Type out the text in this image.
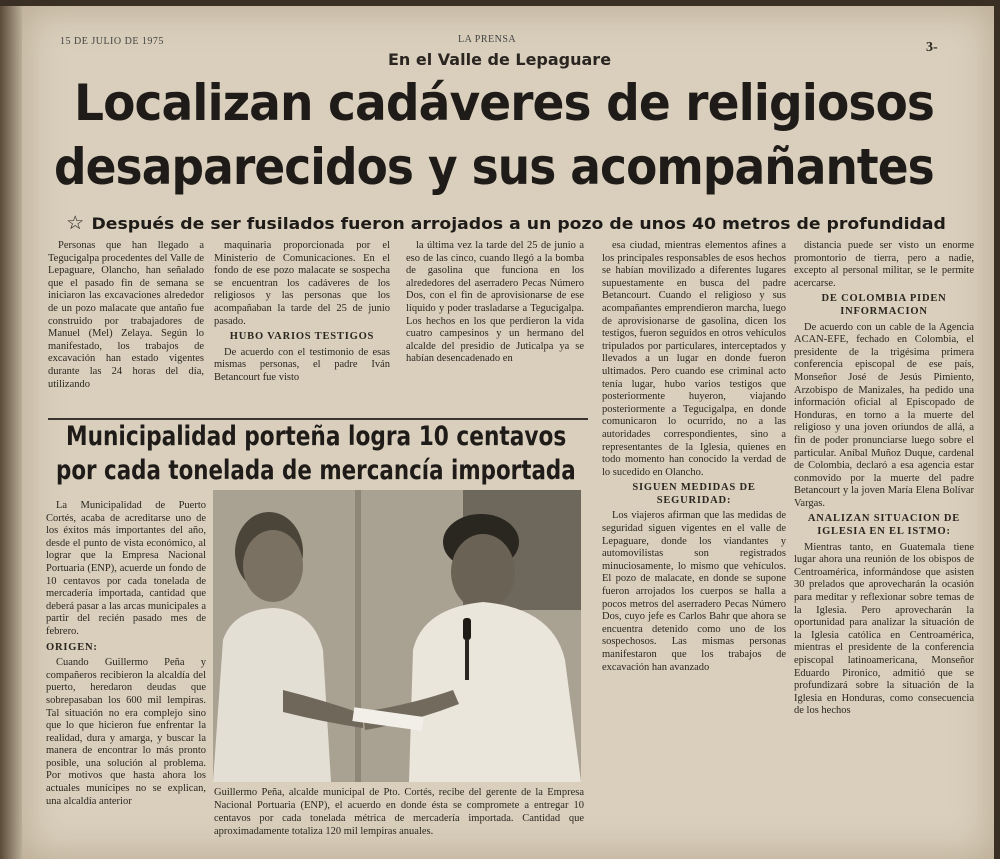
15 DE JULIO DE 1975	LA PRENSA
3-
En el Valle de Lepaguare
Localizan cadáveres de religiosos
desaparecidos y sus acompañantes
☆ Después de ser fusilados fueron arrojados a un pozo de unos 40 metros de profundidad

Personas que han llegado a Tegucigalpa procedentes del Valle de Lepaguare, Olancho, han señalado que el pasado fin de semana se iniciaron las excavaciones alrededor de un pozo malacate que antaño fue construido por trabajadores de Manuel (Mel) Zelaya. Según lo manifestado, los trabajos de excavación han estado vigentes durante las 24 horas del día, utilizando

maquinaria proporcionada por el Ministerio de Comunicaciones. En el fondo de ese pozo malacate se sospecha se encuentran los cadáveres de los religiosos y las personas que los acompañaban la tarde del 25 de junio pasado.

HUBO VARIOS TESTIGOS

De acuerdo con el testimonio de esas mismas personas, el padre Iván Betancourt fue visto

la última vez la tarde del 25 de junio a eso de las cinco, cuando llegó a la bomba de gasolina que funciona en los alrededores del aserradero Pecas Número Dos, con el fin de aprovisionarse de ese líquido y poder trasladarse a Tegucigalpa. Los hechos en los que perdieron la vida cuatro campesinos y un hermano del alcalde del presidio de Juticalpa ya se habían desencadenado en

esa ciudad, mientras elementos afines a los principales responsables de esos hechos se habían movilizado a diferentes lugares supuestamente en busca del padre Betancourt. Cuando el religioso y sus acompañantes emprendieron marcha, luego de aprovisionarse de gasolina, dicen los testigos, fueron seguidos en otros vehículos tripulados por particulares, interceptados y llevados a un lugar en donde fueron ultimados. Pero cuando ese criminal acto tenía lugar, hubo varios testigos que posteriormente huyeron, viajando posteriormente a Tegucigalpa, en donde comunicaron lo ocurrido, no a las autoridades correspondientes, sino a representantes de la Iglesia, quienes en todo momento han conocido la verdad de lo sucedido en Olancho.

SIGUEN MEDIDAS DE SEGURIDAD:

Los viajeros afirman que las medidas de seguridad siguen vigentes en el valle de Lepaguare, donde los viandantes y automovilistas son registrados minuciosamente, lo mismo que vehículos. El pozo de malacate, en donde se supone fueron arrojados los cuerpos se halla a pocos metros del aserradero Pecas Número Dos, cuyo jefe es Carlos Bahr que ahora se encuentra detenido como uno de los sospechosos. Las mismas personas manifestaron que los trabajos de excavación han avanzado

distancia puede ser visto un enorme promontorio de tierra, pero a nadie, excepto al personal militar, se le permite acercarse.

DE COLOMBIA PIDEN INFORMACION

De acuerdo con un cable de la Agencia ACAN-EFE, fechado en Colombia, el presidente de la trigésima primera conferencia episcopal de ese país, Monseñor José de Jesús Pimiento, Arzobispo de Manizales, ha pedido una información oficial al Episcopado de Honduras, en torno a la muerte del religioso y una joven oriundos de allá, a fin de poder pronunciarse luego sobre el particular. Aníbal Muñoz Duque, cardenal de Colombia, declaró a esa agencia estar conmovido por la muerte del padre Betancourt y la joven María Elena Bolívar Vargas.

ANALIZAN SITUACION DE IGLESIA EN EL ISTMO:

Mientras tanto, en Guatemala tiene lugar ahora una reunión de los obispos de Centroamérica, informándose que asisten 30 prelados que aprovecharán la ocasión para meditar y reflexionar sobre temas de la Iglesia. Pero aprovecharán la oportunidad para analizar la situación de la Iglesia católica en Centroamérica, mientras el presidente de la conferencia episcopal latinoamericana, Monseñor Eduardo Pironico, admitió que se profundizará sobre la situación de la Iglesia en Honduras, como consecuencia de los hechos

Municipalidad porteña logra 10 centavos
por cada tonelada de mercancía importada

La Municipalidad de Puerto Cortés, acaba de acreditarse uno de los éxitos más importantes del año, desde el punto de vista económico, al lograr que la Empresa Nacional Portuaria (ENP), acuerde un fondo de 10 centavos por cada tonelada de mercadería importada, cantidad que deberá pasar a las arcas municipales a partir del recién pasado mes de febrero.

ORIGEN:

Cuando Guillermo Peña y compañeros recibieron la alcaldía del puerto, heredaron deudas que sobrepasaban los 600 mil lempiras. Tal situación no era complejo sino que lo que hicieron fue enfrentar la realidad, dura y amarga, y buscar la manera de encontrar lo más pronto posible, una solución al problema. Por motivos que hasta ahora los actuales munícipes no se explican, una alcaldía anterior

Guillermo Peña, alcalde municipal de Pto. Cortés, recibe del gerente de la Empresa Nacional Portuaria (ENP), el acuerdo en donde ésta se compromete a entregar 10 centavos por cada tonelada métrica de mercadería importada. Cantidad que aproximadamente totaliza 120 mil lempiras anuales.
